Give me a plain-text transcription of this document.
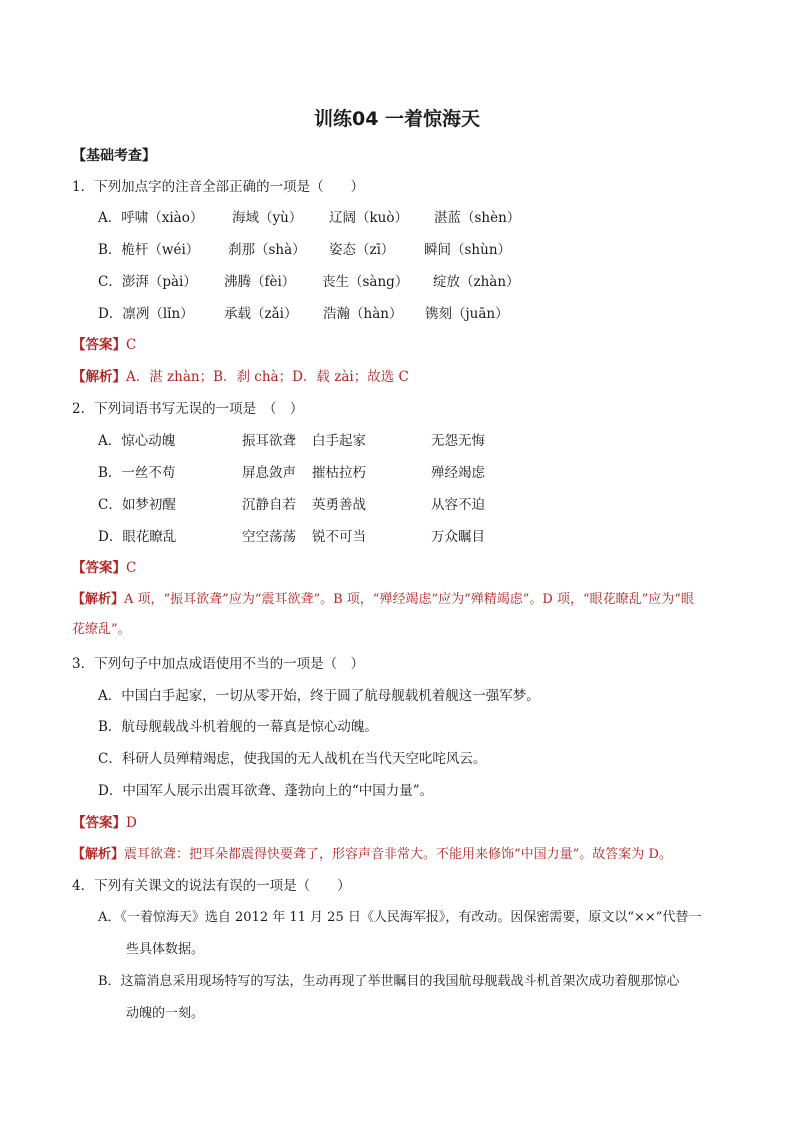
训练04 一着惊海天
【基础考查】
1．下列加点字的注音全部正确的一项是（　　）
A．呼啸（xiào） 海域（yù） 辽阔（kuò） 湛蓝（shèn）
B．桅杆（wéi） 刹那（shà） 姿态（zī） 瞬间（shùn）
C．澎湃（pài） 沸腾（fèi） 丧生（sàng） 绽放（zhàn）
D．凛冽（lǐn） 承载（zǎi） 浩瀚（hàn） 镌刻（juān）
【答案】C
【解析】A．湛 zhàn；B．刹 chà；D．载 zài；故选 C
2．下列词语书写无误的一项是　（　）
A．惊心动魄	振耳欲聋 白手起家	无怨无悔
B．一丝不苟	屏息敛声 摧枯拉朽	殚经竭虑
C．如梦初醒	沉静自若 英勇善战	从容不迫
D．眼花瞭乱	空空荡荡 锐不可当	万众瞩目
【答案】C
【解析】A 项，“振耳欲聋”应为“震耳欲聋”。B 项，“殚经竭虑”应为“殚精竭虑”。D 项，“眼花瞭乱”应为“眼
花缭乱”。
3．下列句子中加点成语使用不当的一项是（　）
A．中国白手起家，一切从零开始，终于圆了航母舰载机着舰这一强军梦。
B．航母舰载战斗机着舰的一幕真是惊心动魄。
C．科研人员殚精竭虑，使我国的无人战机在当代天空叱咤风云。
D．中国军人展示出震耳欲聋、蓬勃向上的“中国力量”。
【答案】D
【解析】震耳欲聋：把耳朵都震得快要聋了，形容声音非常大。不能用来修饰“中国力量”。故答案为 D。
4．下列有关课文的说法有误的一项是（　　）
A．《一着惊海天》选自 2012 年 11 月 25 日《人民海军报》，有改动。因保密需要，原文以“××”代替一
些具体数据。
B．这篇消息采用现场特写的写法，生动再现了举世瞩目的我国航母舰载战斗机首架次成功着舰那惊心
动魄的一刻。
